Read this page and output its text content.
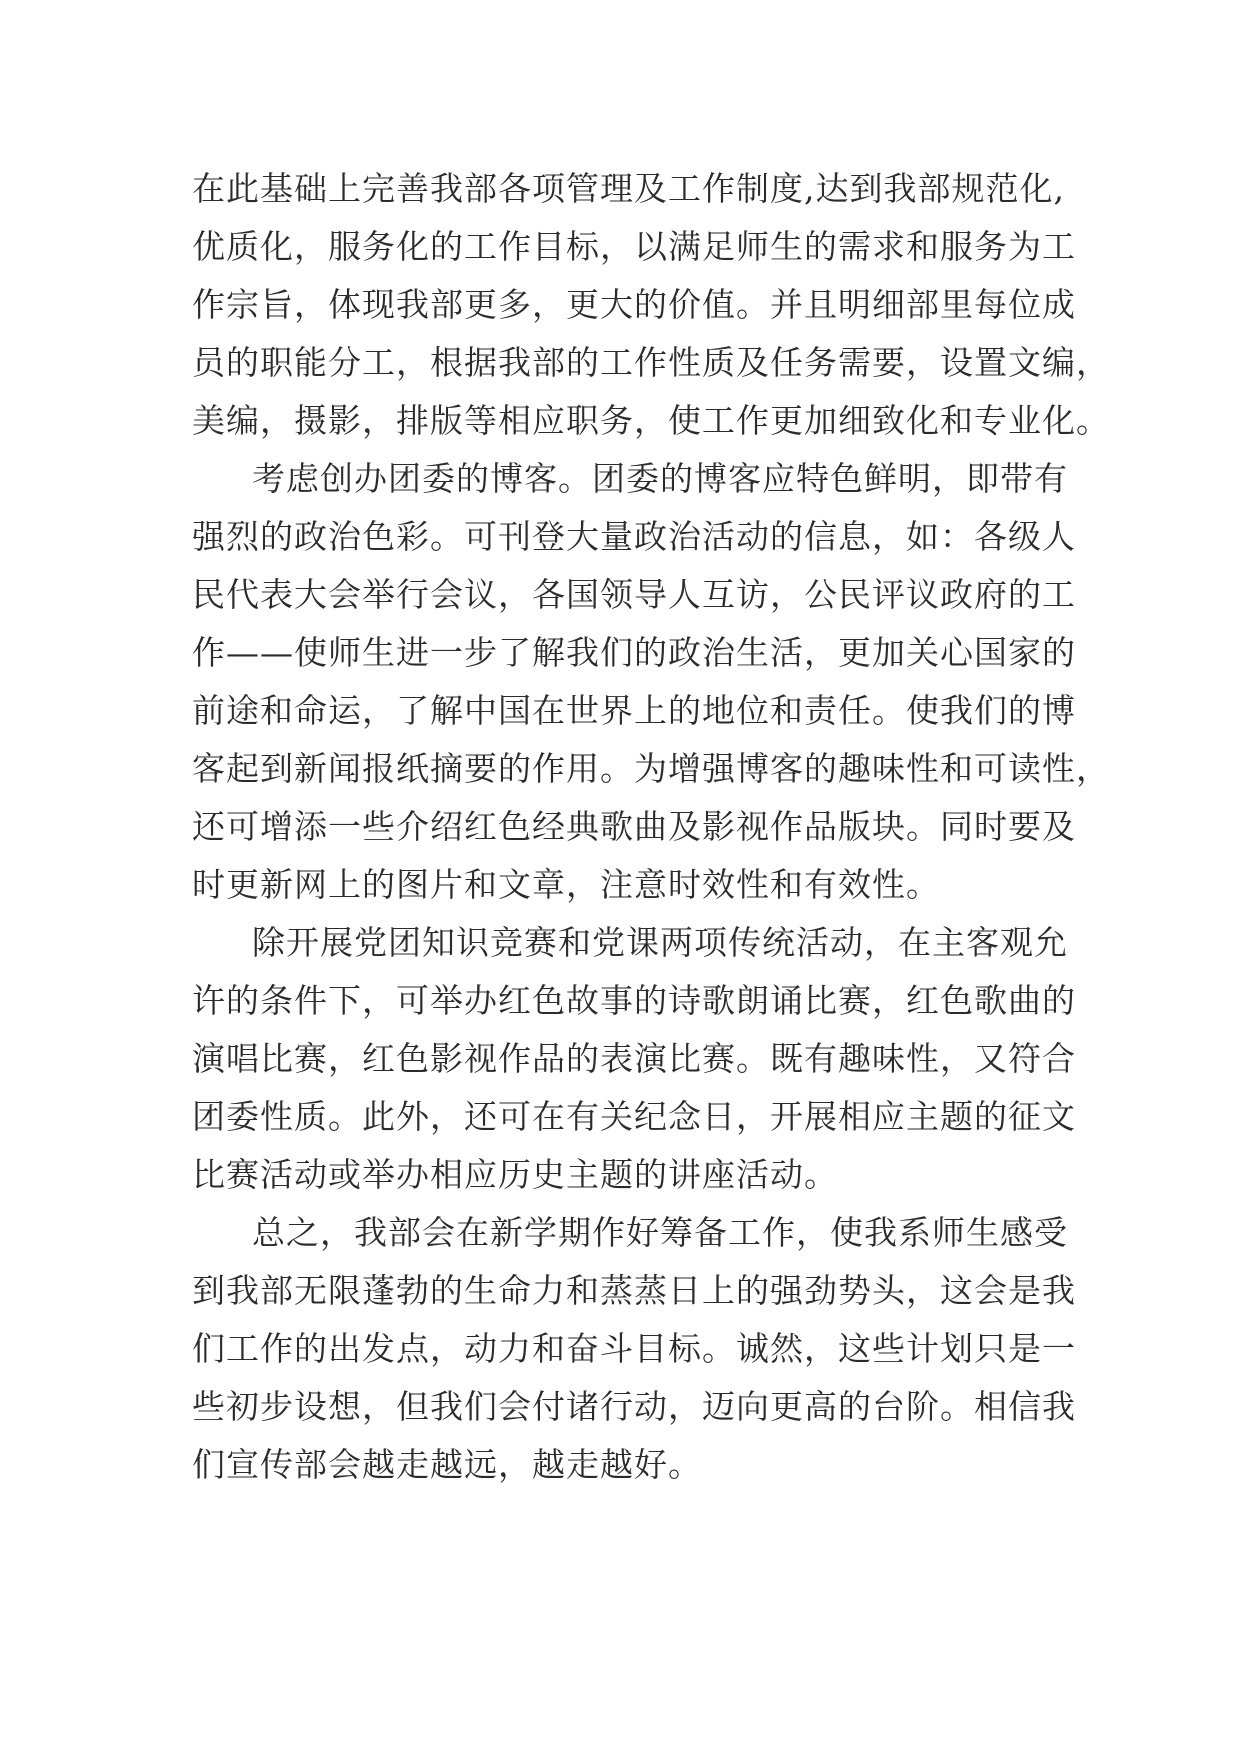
在此基础上完善我部各项管理及工作制度,达到我部规范化,
优质化，服务化的工作目标，以满足师生的需求和服务为工
作宗旨，体现我部更多，更大的价值。并且明细部里每位成
员的职能分工，根据我部的工作性质及任务需要，设置文编，
美编，摄影，排版等相应职务，使工作更加细致化和专业化。
考虑创办团委的博客。团委的博客应特色鲜明，即带有
强烈的政治色彩。可刊登大量政治活动的信息，如：各级人
民代表大会举行会议，各国领导人互访，公民评议政府的工
作——使师生进一步了解我们的政治生活，更加关心国家的
前途和命运，了解中国在世界上的地位和责任。使我们的博
客起到新闻报纸摘要的作用。为增强博客的趣味性和可读性，
还可增添一些介绍红色经典歌曲及影视作品版块。同时要及
时更新网上的图片和文章，注意时效性和有效性。
除开展党团知识竞赛和党课两项传统活动，在主客观允
许的条件下，可举办红色故事的诗歌朗诵比赛，红色歌曲的
演唱比赛，红色影视作品的表演比赛。既有趣味性，又符合
团委性质。此外，还可在有关纪念日，开展相应主题的征文
比赛活动或举办相应历史主题的讲座活动。
总之，我部会在新学期作好筹备工作，使我系师生感受
到我部无限蓬勃的生命力和蒸蒸日上的强劲势头，这会是我
们工作的出发点，动力和奋斗目标。诚然，这些计划只是一
些初步设想，但我们会付诸行动，迈向更高的台阶。相信我
们宣传部会越走越远，越走越好。
